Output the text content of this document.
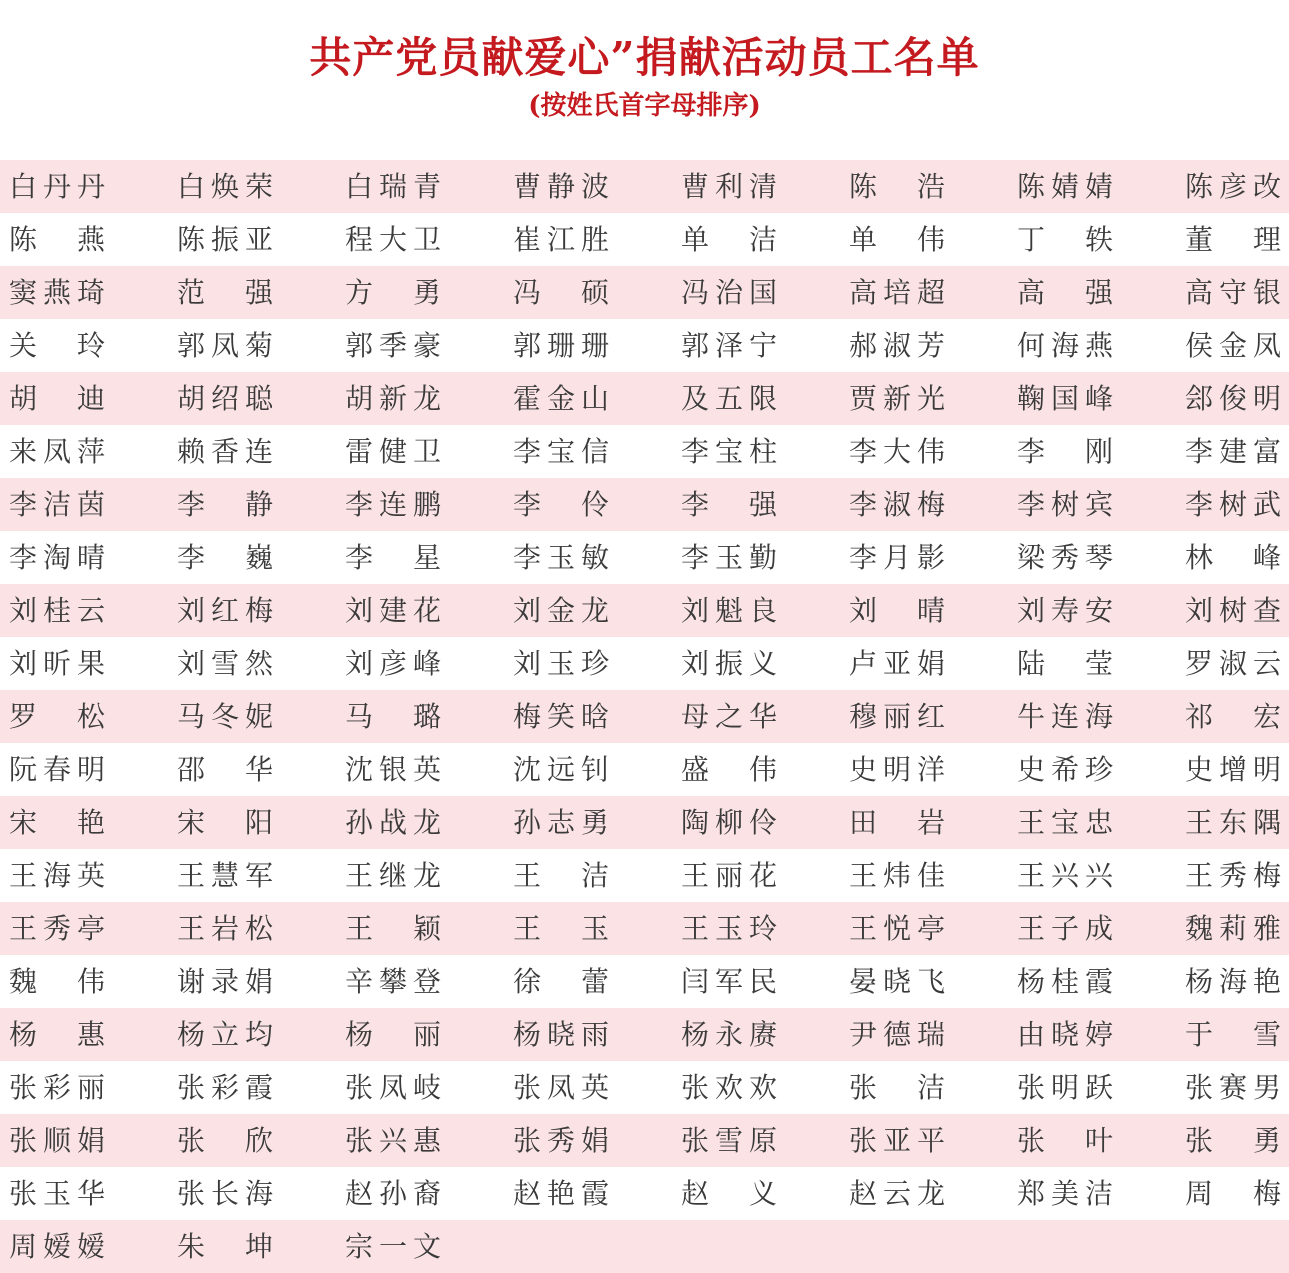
共产党员献爱心”捐献活动员工名单
(按姓氏首字母排序)
白 丹 丹	白 焕 荣	白 瑞 青	曹 静 波	曹 利 清	陈 浩	陈 婧 婧	陈 彦 改
陈 燕	陈 振 亚	程 大 卫	崔 江 胜	单 洁	单 伟	丁 轶	董 理
窦 燕 琦	范 强	方 勇	冯 硕	冯 治 国	高 培 超	高 强	高 守 银
关 玲	郭 凤 菊	郭 季 豪	郭 珊 珊	郭 泽 宁	郝 淑 芳	何 海 燕	侯 金 凤
胡 迪	胡 绍 聪	胡 新 龙	霍 金 山	及 五 限	贾 新 光	鞠 国 峰	郐 俊 明
来 凤 萍	赖 香 连	雷 健 卫	李 宝 信	李 宝 柱	李 大 伟	李 刚	李 建 富
李 洁 茵	李 静	李 连 鹏	李 伶	李 强	李 淑 梅	李 树 宾	李 树 武
李 淘 晴	李 巍	李 星	李 玉 敏	李 玉 勤	李 月 影	梁 秀 琴	林 峰
刘 桂 云	刘 红 梅	刘 建 花	刘 金 龙	刘 魁 良	刘 晴	刘 寿 安	刘 树 查
刘 昕 果	刘 雪 然	刘 彦 峰	刘 玉 珍	刘 振 义	卢 亚 娟	陆 莹	罗 淑 云
罗 松	马 冬 妮	马 璐	梅 笑 晗	母 之 华	穆 丽 红	牛 连 海	祁 宏
阮 春 明	邵 华	沈 银 英	沈 远 钊	盛 伟	史 明 洋	史 希 珍	史 增 明
宋 艳	宋 阳	孙 战 龙	孙 志 勇	陶 柳 伶	田 岩	王 宝 忠	王 东 隅
王 海 英	王 慧 军	王 继 龙	王 洁	王 丽 花	王 炜 佳	王 兴 兴	王 秀 梅
王 秀 亭	王 岩 松	王 颖	王 玉	王 玉 玲	王 悦 亭	王 子 成	魏 莉 雅
魏 伟	谢 录 娟	辛 攀 登	徐 蕾	闫 军 民	晏 晓 飞	杨 桂 霞	杨 海 艳
杨 惠	杨 立 均	杨 丽	杨 晓 雨	杨 永 赓	尹 德 瑞	由 晓 婷	于 雪
张 彩 丽	张 彩 霞	张 凤 岐	张 凤 英	张 欢 欢	张 洁	张 明 跃	张 赛 男
张 顺 娟	张 欣	张 兴 惠	张 秀 娟	张 雪 原	张 亚 平	张 叶	张 勇
张 玉 华	张 长 海	赵 孙 裔	赵 艳 霞	赵 义	赵 云 龙	郑 美 洁	周 梅
周 嫒 嫒	朱 坤	宗 一 文
